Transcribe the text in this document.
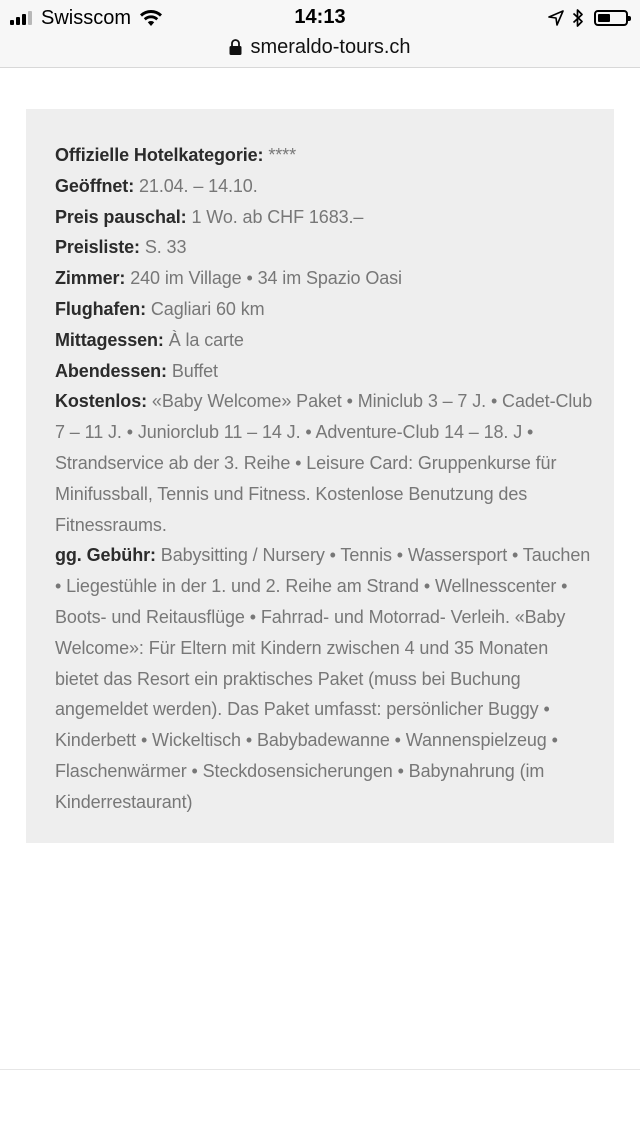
Swisscom	14:13
smeraldo-tours.ch
Offizielle Hotelkategorie: ****
Geöffnet: 21.04. – 14.10.
Preis pauschal: 1 Wo. ab CHF 1683.–
Preisliste: S. 33
Zimmer: 240 im Village • 34 im Spazio Oasi
Flughafen: Cagliari 60 km
Mittagessen: À la carte
Abendessen: Buffet
Kostenlos: «Baby Welcome» Paket • Miniclub 3 – 7 J. • Cadet-Club 7 – 11 J. • Juniorclub 11 – 14 J. • Adventure-Club 14 – 18. J • Strandservice ab der 3. Reihe • Leisure Card: Gruppenkurse für Minifussball, Tennis und Fitness. Kostenlose Benutzung des Fitnessraums.
gg. Gebühr: Babysitting / Nursery • Tennis • Wassersport • Tauchen • Liegestühle in der 1. und 2. Reihe am Strand • Wellnesscenter • Boots- und Reitausflüge • Fahrrad- und Motorrad- Verleih. «Baby Welcome»: Für Eltern mit Kindern zwischen 4 und 35 Monaten bietet das Resort ein praktisches Paket (muss bei Buchung angemeldet werden). Das Paket umfasst: persönlicher Buggy • Kinderbett • Wickeltisch • Babybadewanne • Wannenspielzeug • Flaschenwärmer • Steckdosensicherungen • Babynahrung (im Kinderrestaurant)
